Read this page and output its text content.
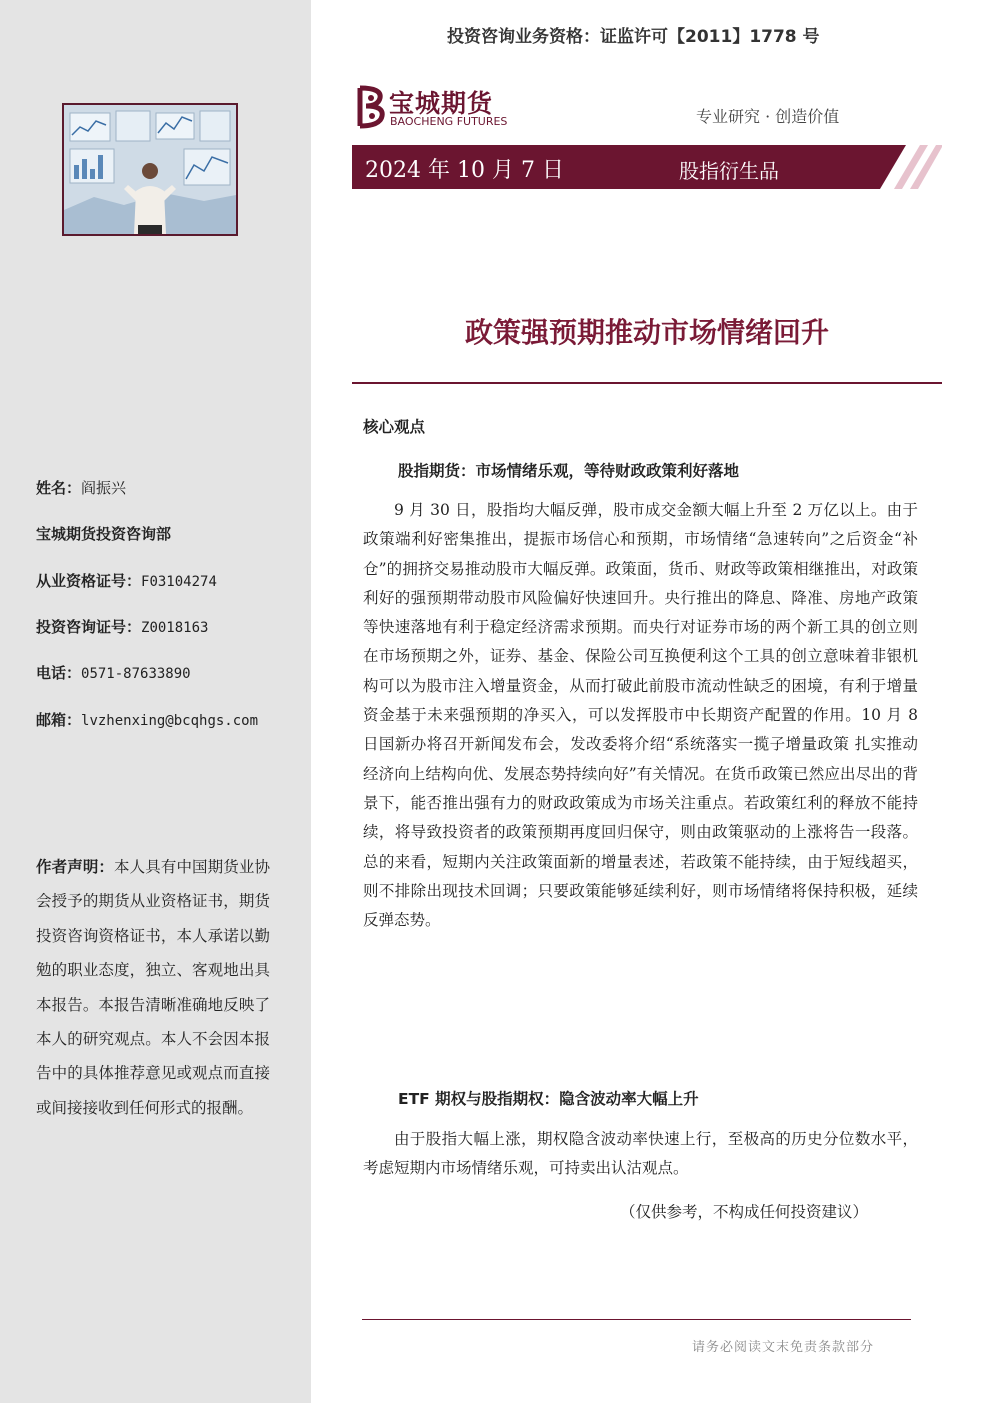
姓名：阎振兴
宝城期货投资咨询部
从业资格证号：F03104274
投资咨询证号：Z0018163
电话：0571-87633890
邮箱：lvzhenxing@bcqhgs.com
作者声明：本人具有中国期货业协会授予的期货从业资格证书，期货投资咨询资格证书，本人承诺以勤勉的职业态度，独立、客观地出具本报告。本报告清晰准确地反映了本人的研究观点。本人不会因本报告中的具体推荐意见或观点而直接或间接接收到任何形式的报酬。
投资咨询业务资格：证监许可【2011】1778 号
宝城期货
BAOCHENG FUTURES	专业研究 · 创造价值
2024 年 10 月 7 日	股指衍生品
政策强预期推动市场情绪回升
核心观点
股指期货：市场情绪乐观，等待财政政策利好落地
9 月 30 日，股指均大幅反弹，股市成交金额大幅上升至 2 万亿以上。由于政策端利好密集推出，提振市场信心和预期，市场情绪“急速转向”之后资金“补仓”的拥挤交易推动股市大幅反弹。政策面，货币、财政等政策相继推出，对政策利好的强预期带动股市风险偏好快速回升。央行推出的降息、降准、房地产政策等快速落地有利于稳定经济需求预期。而央行对证券市场的两个新工具的创立则在市场预期之外，证券、基金、保险公司互换便利这个工具的创立意味着非银机构可以为股市注入增量资金，从而打破此前股市流动性缺乏的困境，有利于增量资金基于未来强预期的净买入，可以发挥股市中长期资产配置的作用。10 月 8 日国新办将召开新闻发布会，发改委将介绍“系统落实一揽子增量政策 扎实推动经济向上结构向优、发展态势持续向好”有关情况。在货币政策已然应出尽出的背景下，能否推出强有力的财政政策成为市场关注重点。若政策红利的释放不能持续，将导致投资者的政策预期再度回归保守，则由政策驱动的上涨将告一段落。总的来看，短期内关注政策面新的增量表述，若政策不能持续，由于短线超买，则不排除出现技术回调；只要政策能够延续利好，则市场情绪将保持积极，延续反弹态势。
ETF 期权与股指期权：隐含波动率大幅上升
由于股指大幅上涨，期权隐含波动率快速上行，至极高的历史分位数水平，考虑短期内市场情绪乐观，可持卖出认沽观点。
（仅供参考，不构成任何投资建议）
请务必阅读文末免责条款部分
